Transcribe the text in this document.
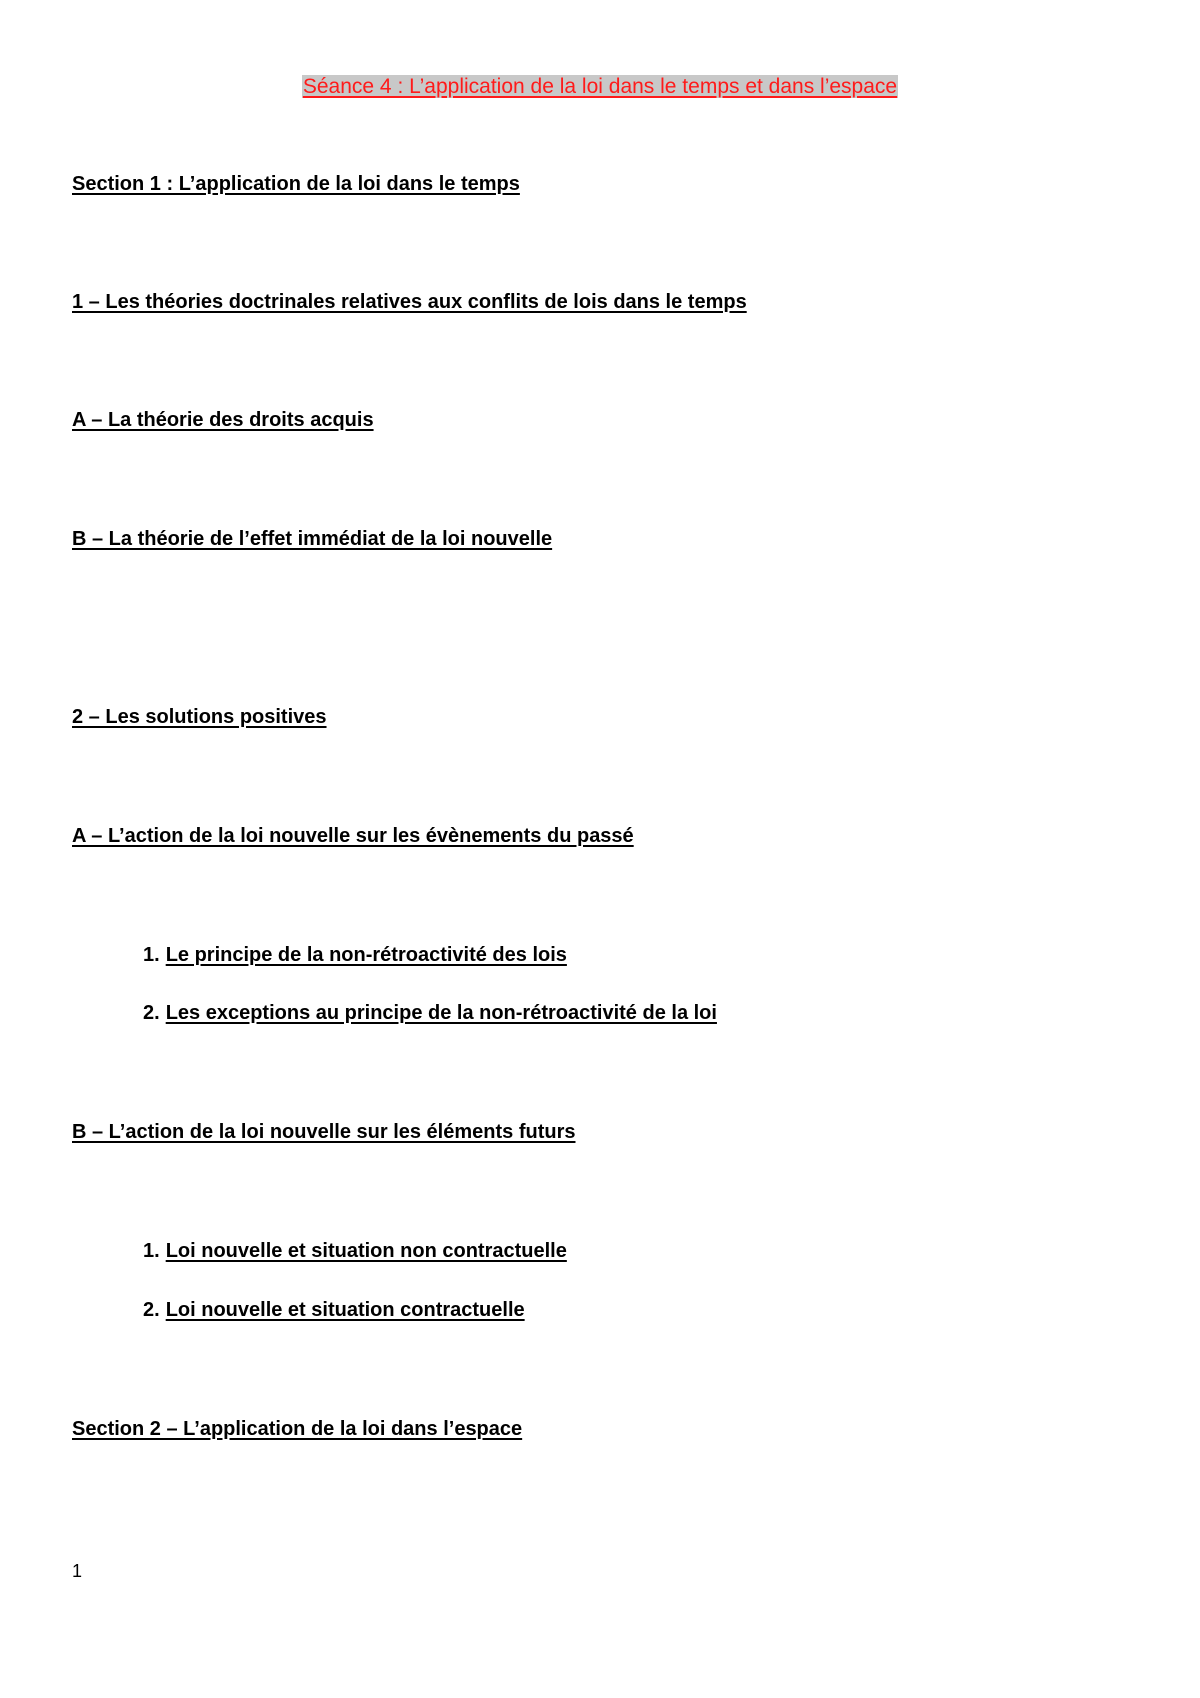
Séance 4 : L’application de la loi dans le temps et dans l’espace
Section 1 : L’application de la loi dans le temps
1 – Les théories doctrinales relatives aux conflits de lois dans le temps
A – La théorie des droits acquis
B – La théorie de l’effet immédiat de la loi nouvelle
2 – Les solutions positives
A – L’action de la loi nouvelle sur les évènements du passé
1. Le principe de la non-rétroactivité des lois
2. Les exceptions au principe de la non-rétroactivité de la loi
B – L’action de la loi nouvelle sur les éléments futurs
1. Loi nouvelle et situation non contractuelle
2. Loi nouvelle et situation contractuelle
Section 2 – L’application de la loi dans l’espace
1
